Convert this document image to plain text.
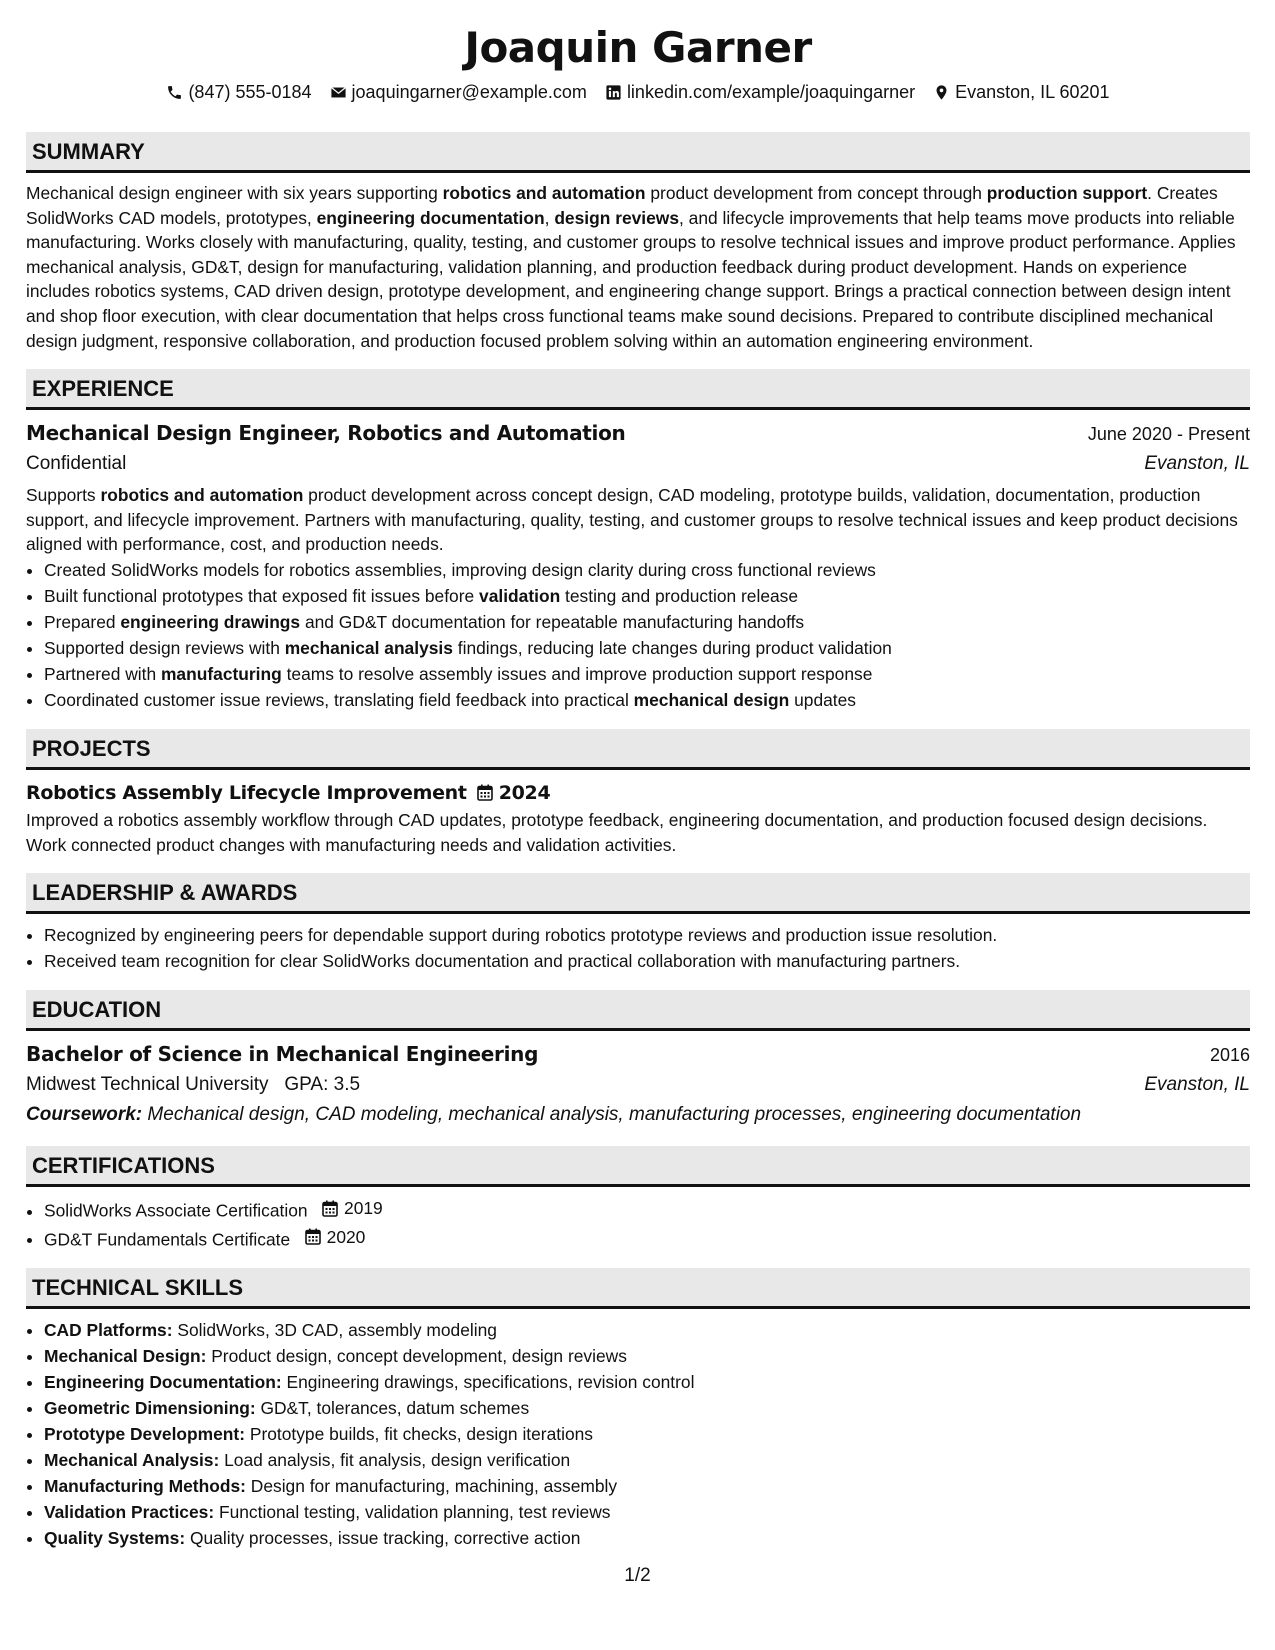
Joaquin Garner
(847) 555-0184 joaquingarner@example.com linkedin.com/example/joaquingarner Evanston, IL 60201
SUMMARY

Mechanical design engineer with six years supporting robotics and automation product development from concept through production support. Creates SolidWorks CAD models, prototypes, engineering documentation, design reviews, and lifecycle improvements that help teams move products into reliable manufacturing. Works closely with manufacturing, quality, testing, and customer groups to resolve technical issues and improve product performance. Applies mechanical analysis, GD&T, design for manufacturing, validation planning, and production feedback during product development. Hands on experience includes robotics systems, CAD driven design, prototype development, and engineering change support. Brings a practical connection between design intent and shop floor execution, with clear documentation that helps cross functional teams make sound decisions. Prepared to contribute disciplined mechanical design judgment, responsive collaboration, and production focused problem solving within an automation engineering environment.

EXPERIENCE
Mechanical Design Engineer, Robotics and Automation	June 2020 - Present
Confidential	Evanston, IL

Supports robotics and automation product development across concept design, CAD modeling, prototype builds, validation, documentation, production support, and lifecycle improvement. Partners with manufacturing, quality, testing, and customer groups to resolve technical issues and keep product decisions aligned with performance, cost, and production needs.

• Created SolidWorks models for robotics assemblies, improving design clarity during cross functional reviews
• Built functional prototypes that exposed fit issues before validation testing and production release
• Prepared engineering drawings and GD&T documentation for repeatable manufacturing handoffs
• Supported design reviews with mechanical analysis findings, reducing late changes during product validation
• Partnered with manufacturing teams to resolve assembly issues and improve production support response
• Coordinated customer issue reviews, translating field feedback into practical mechanical design updates
PROJECTS
Robotics Assembly Lifecycle Improvement 2024

Improved a robotics assembly workflow through CAD updates, prototype feedback, engineering documentation, and production focused design decisions. Work connected product changes with manufacturing needs and validation activities.

LEADERSHIP & AWARDS
• Recognized by engineering peers for dependable support during robotics prototype reviews and production issue resolution.
• Received team recognition for clear SolidWorks documentation and practical collaboration with manufacturing partners.
EDUCATION
Bachelor of Science in Mechanical Engineering	2016
Midwest Technical University GPA: 3.5	Evanston, IL
Coursework: Mechanical design, CAD modeling, mechanical analysis, manufacturing processes, engineering documentation
CERTIFICATIONS
• SolidWorks Associate Certification 2019
• GD&T Fundamentals Certificate 2020
TECHNICAL SKILLS
• CAD Platforms: SolidWorks, 3D CAD, assembly modeling
• Mechanical Design: Product design, concept development, design reviews
• Engineering Documentation: Engineering drawings, specifications, revision control
• Geometric Dimensioning: GD&T, tolerances, datum schemes
• Prototype Development: Prototype builds, fit checks, design iterations
• Mechanical Analysis: Load analysis, fit analysis, design verification
• Manufacturing Methods: Design for manufacturing, machining, assembly
• Validation Practices: Functional testing, validation planning, test reviews
• Quality Systems: Quality processes, issue tracking, corrective action
1/2
